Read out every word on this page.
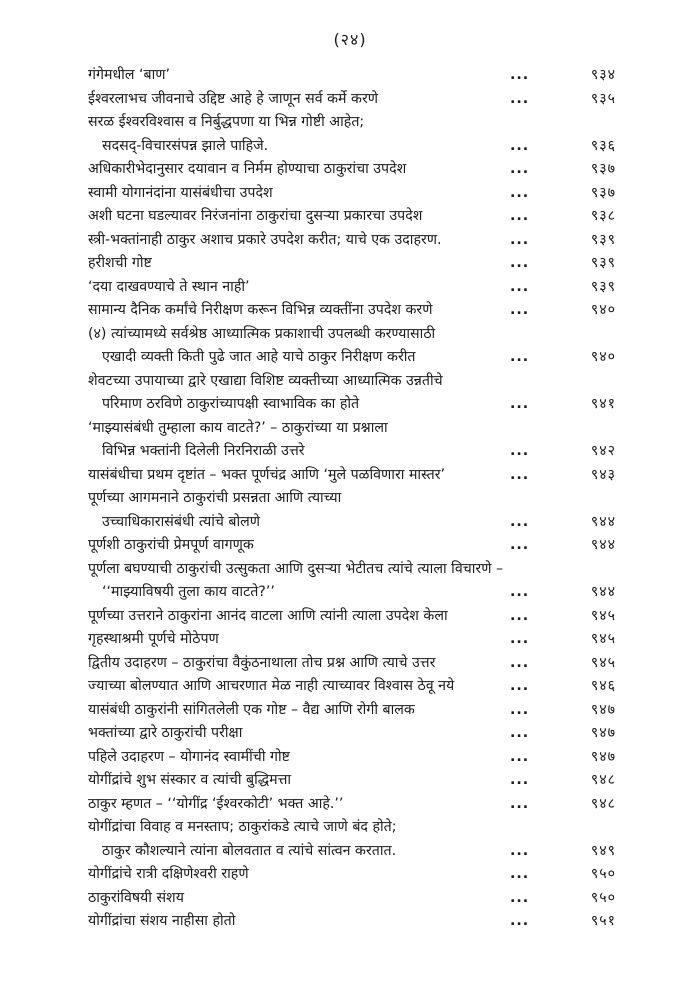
(२४)
गंगेमधील ‘बाण’	...	९३४
ईश्वरलाभच जीवनाचे उद्दिष्ट आहे हे जाणून सर्व कर्मे करणे	...	९३५
सरळ ईश्वरविश्वास व निर्बुद्धपणा या भिन्न गोष्टी आहेत;
सदसद्-विचारसंपन्न झाले पाहिजे.	...	९३६
अधिकारीभेदानुसार दयावान व निर्मम होण्याचा ठाकुरांचा उपदेश	...	९३७
स्वामी योगानंदांना यासंबंधीचा उपदेश	...	९३७
अशी घटना घडल्यावर निरंजनांना ठाकुरांचा दुसऱ्या प्रकारचा उपदेश	...	९३८
स्त्री-भक्तांनाही ठाकुर अशाच प्रकारे उपदेश करीत; याचे एक उदाहरण.	...	९३९
हरीशची गोष्ट	...	९३९
‘दया दाखवण्याचे ते स्थान नाही’	...	९३९
सामान्य दैनिक कर्मांचे निरीक्षण करून विभिन्न व्यक्तींना उपदेश करणे	...	९४०
(४) त्यांच्यामध्ये सर्वश्रेष्ठ आध्यात्मिक प्रकाशाची उपलब्धी करण्यासाठी
एखादी व्यक्ती किती पुढे जात आहे याचे ठाकुर निरीक्षण करीत	...	९४०
शेवटच्या उपायाच्या द्वारे एखाद्या विशिष्ट व्यक्तीच्या आध्यात्मिक उन्नतीचे
परिमाण ठरविणे ठाकुरांच्यापक्षी स्वाभाविक का होते	...	९४१
‘माझ्यासंबंधी तुम्हाला काय वाटते?’ – ठाकुरांच्या या प्रश्नाला
विभिन्न भक्तांनी दिलेली निरनिराळी उत्तरे	...	९४२
यासंबंधीचा प्रथम दृष्टांत – भक्त पूर्णचंद्र आणि ‘मुले पळविणारा मास्तर’	...	९४३
पूर्णच्या आगमनाने ठाकुरांची प्रसन्नता आणि त्याच्या
उच्चाधिकारासंबंधी त्यांचे बोलणे	...	९४४
पूर्णशी ठाकुरांची प्रेमपूर्ण वागणूक	...	९४४
पूर्णला बघण्याची ठाकुरांची उत्सुकता आणि दुसऱ्या भेटीतच त्यांचे त्याला विचारणे –
‘‘माझ्याविषयी तुला काय वाटते?’’	...	९४४
पूर्णच्या उत्तराने ठाकुरांना आनंद वाटला आणि त्यांनी त्याला उपदेश केला	...	९४५
गृहस्थाश्रमी पूर्णचे मोठेपण	...	९४५
द्वितीय उदाहरण – ठाकुरांचा वैकुंठनाथाला तोच प्रश्न आणि त्याचे उत्तर	...	९४५
ज्याच्या बोलण्यात आणि आचरणात मेळ नाही त्याच्यावर विश्वास ठेवू नये	...	९४६
यासंबंधी ठाकुरांनी सांगितलेली एक गोष्ट – वैद्य आणि रोगी बालक	...	९४७
भक्तांच्या द्वारे ठाकुरांची परीक्षा	...	९४७
पहिले उदाहरण – योगानंद स्वामींची गोष्ट	...	९४७
योगींद्रांचे शुभ संस्कार व त्यांची बुद्धिमत्ता	...	९४८
ठाकुर म्हणत – ‘‘योगींद्र ‘ईश्वरकोटी’ भक्त आहे.’’	...	९४८
योगींद्रांचा विवाह व मनस्ताप; ठाकुरांकडे त्याचे जाणे बंद होते;
ठाकुर कौशल्याने त्यांना बोलवतात व त्यांचे सांत्वन करतात.	...	९४९
योगींद्रांचे रात्री दक्षिणेश्वरी राहणे	...	९५०
ठाकुरांविषयी संशय	...	९५०
योगींद्रांचा संशय नाहीसा होतो	...	९५१
